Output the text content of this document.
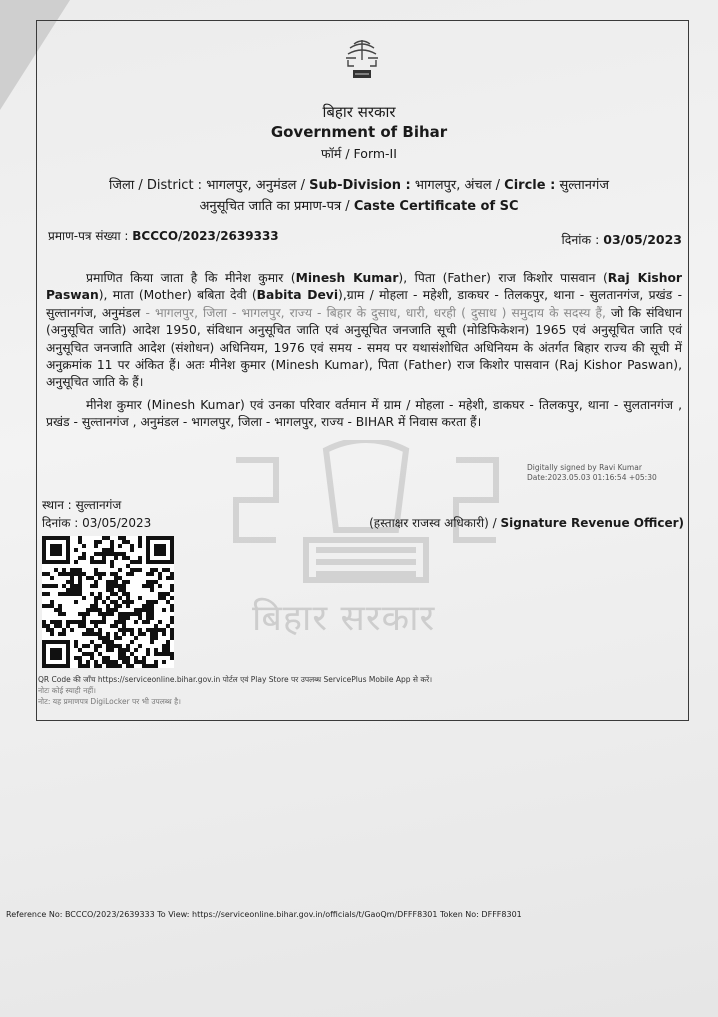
बिहार सरकार
बिहार सरकार
Government of Bihar
फॉर्म / Form-II
जिला / District : भागलपुर, अनुमंडल / Sub-Division : भागलपुर, अंचल / Circle : सुल्तानगंज
अनुसूचित जाति का प्रमाण-पत्र / Caste Certificate of SC
प्रमाण-पत्र संख्या : BCCCO/2023/2639333	दिनांक : 03/05/2023

प्रमाणित किया जाता है कि मीनेश कुमार (Minesh Kumar), पिता (Father) राज किशोर पासवान (Raj Kishor Paswan), माता (Mother) बबिता देवी (Babita Devi),ग्राम / मोहला - महेशी, डाकघर - तिलकपुर, थाना - सुलतानगंज, प्रखंड - सुल्तानगंज, अनुमंडल - भागलपुर, जिला - भागलपुर, राज्य - बिहार के दुसाध, धारी, धरही ( दुसाध ) समुदाय के सदस्य हैं, जो कि संविधान (अनुसूचित जाति) आदेश 1950, संविधान अनुसूचित जाति एवं अनुसूचित जनजाति सूची (मोडिफिकेशन) 1965 एवं अनुसूचित जाति एवं अनुसूचित जनजाति आदेश (संशोधन) अधिनियम, 1976 एवं समय - समय पर यथासंशोधित अधिनियम के अंतर्गत बिहार राज्य की सूची में अनुक्रमांक 11 पर अंकित हैं। अतः मीनेश कुमार (Minesh Kumar), पिता (Father) राज किशोर पासवान (Raj Kishor Paswan), अनुसूचित जाति के हैं।

मीनेश कुमार (Minesh Kumar) एवं उनका परिवार वर्तमान में ग्राम / मोहला - महेशी, डाकघर - तिलकपुर, थाना - सुलतानगंज , प्रखंड - सुल्तानगंज , अनुमंडल - भागलपुर, जिला - भागलपुर, राज्य - BIHAR में निवास करता हैं।

Digitally signed by Ravi Kumar
Date:2023.05.03 01:16:54 +05:30
स्थान : सुल्तानगंज
दिनांक : 03/05/2023	(हस्ताक्षर राजस्व अधिकारी) / Signature Revenue Officer)
QR Code की जाँच https://serviceonline.bihar.gov.in पोर्टल एवं Play Store पर उपलब्ध ServicePlus Mobile App से करें।
नोटः कोई स्याही नहीं।
नोट: यह प्रमाणपत्र DigiLocker पर भी उपलब्ध है।
Reference No: BCCCO/2023/2639333 To View: https://serviceonline.bihar.gov.in/officials/t/GaoQm/DFFF8301 Token No: DFFF8301
